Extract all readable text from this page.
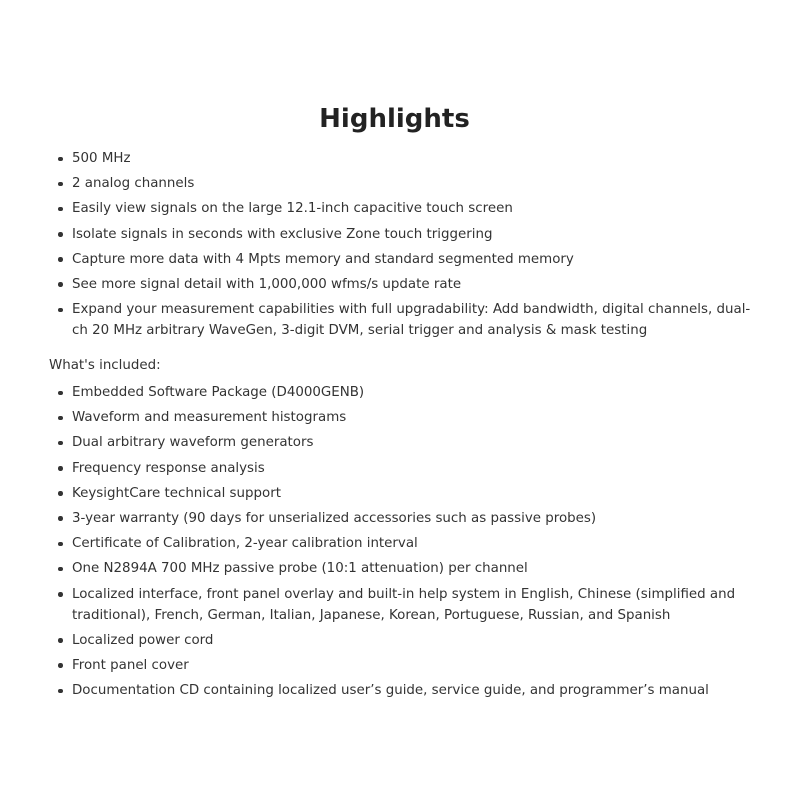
Highlights
500 MHz
2 analog channels
Easily view signals on the large 12.1-inch capacitive touch screen
Isolate signals in seconds with exclusive Zone touch triggering
Capture more data with 4 Mpts memory and standard segmented memory
See more signal detail with 1,000,000 wfms/s update rate
Expand your measurement capabilities with full upgradability: Add bandwidth, digital channels, dual-ch 20 MHz arbitrary WaveGen, 3-digit DVM, serial trigger and analysis & mask testing

What's included:

Embedded Software Package (D4000GENB)
Waveform and measurement histograms
Dual arbitrary waveform generators
Frequency response analysis
KeysightCare technical support
3-year warranty (90 days for unserialized accessories such as passive probes)
Certificate of Calibration, 2-year calibration interval
One N2894A 700 MHz passive probe (10:1 attenuation) per channel
Localized interface, front panel overlay and built-in help system in English, Chinese (simplified and traditional), French, German, Italian, Japanese, Korean, Portuguese, Russian, and Spanish
Localized power cord
Front panel cover
Documentation CD containing localized user’s guide, service guide, and programmer’s manual
